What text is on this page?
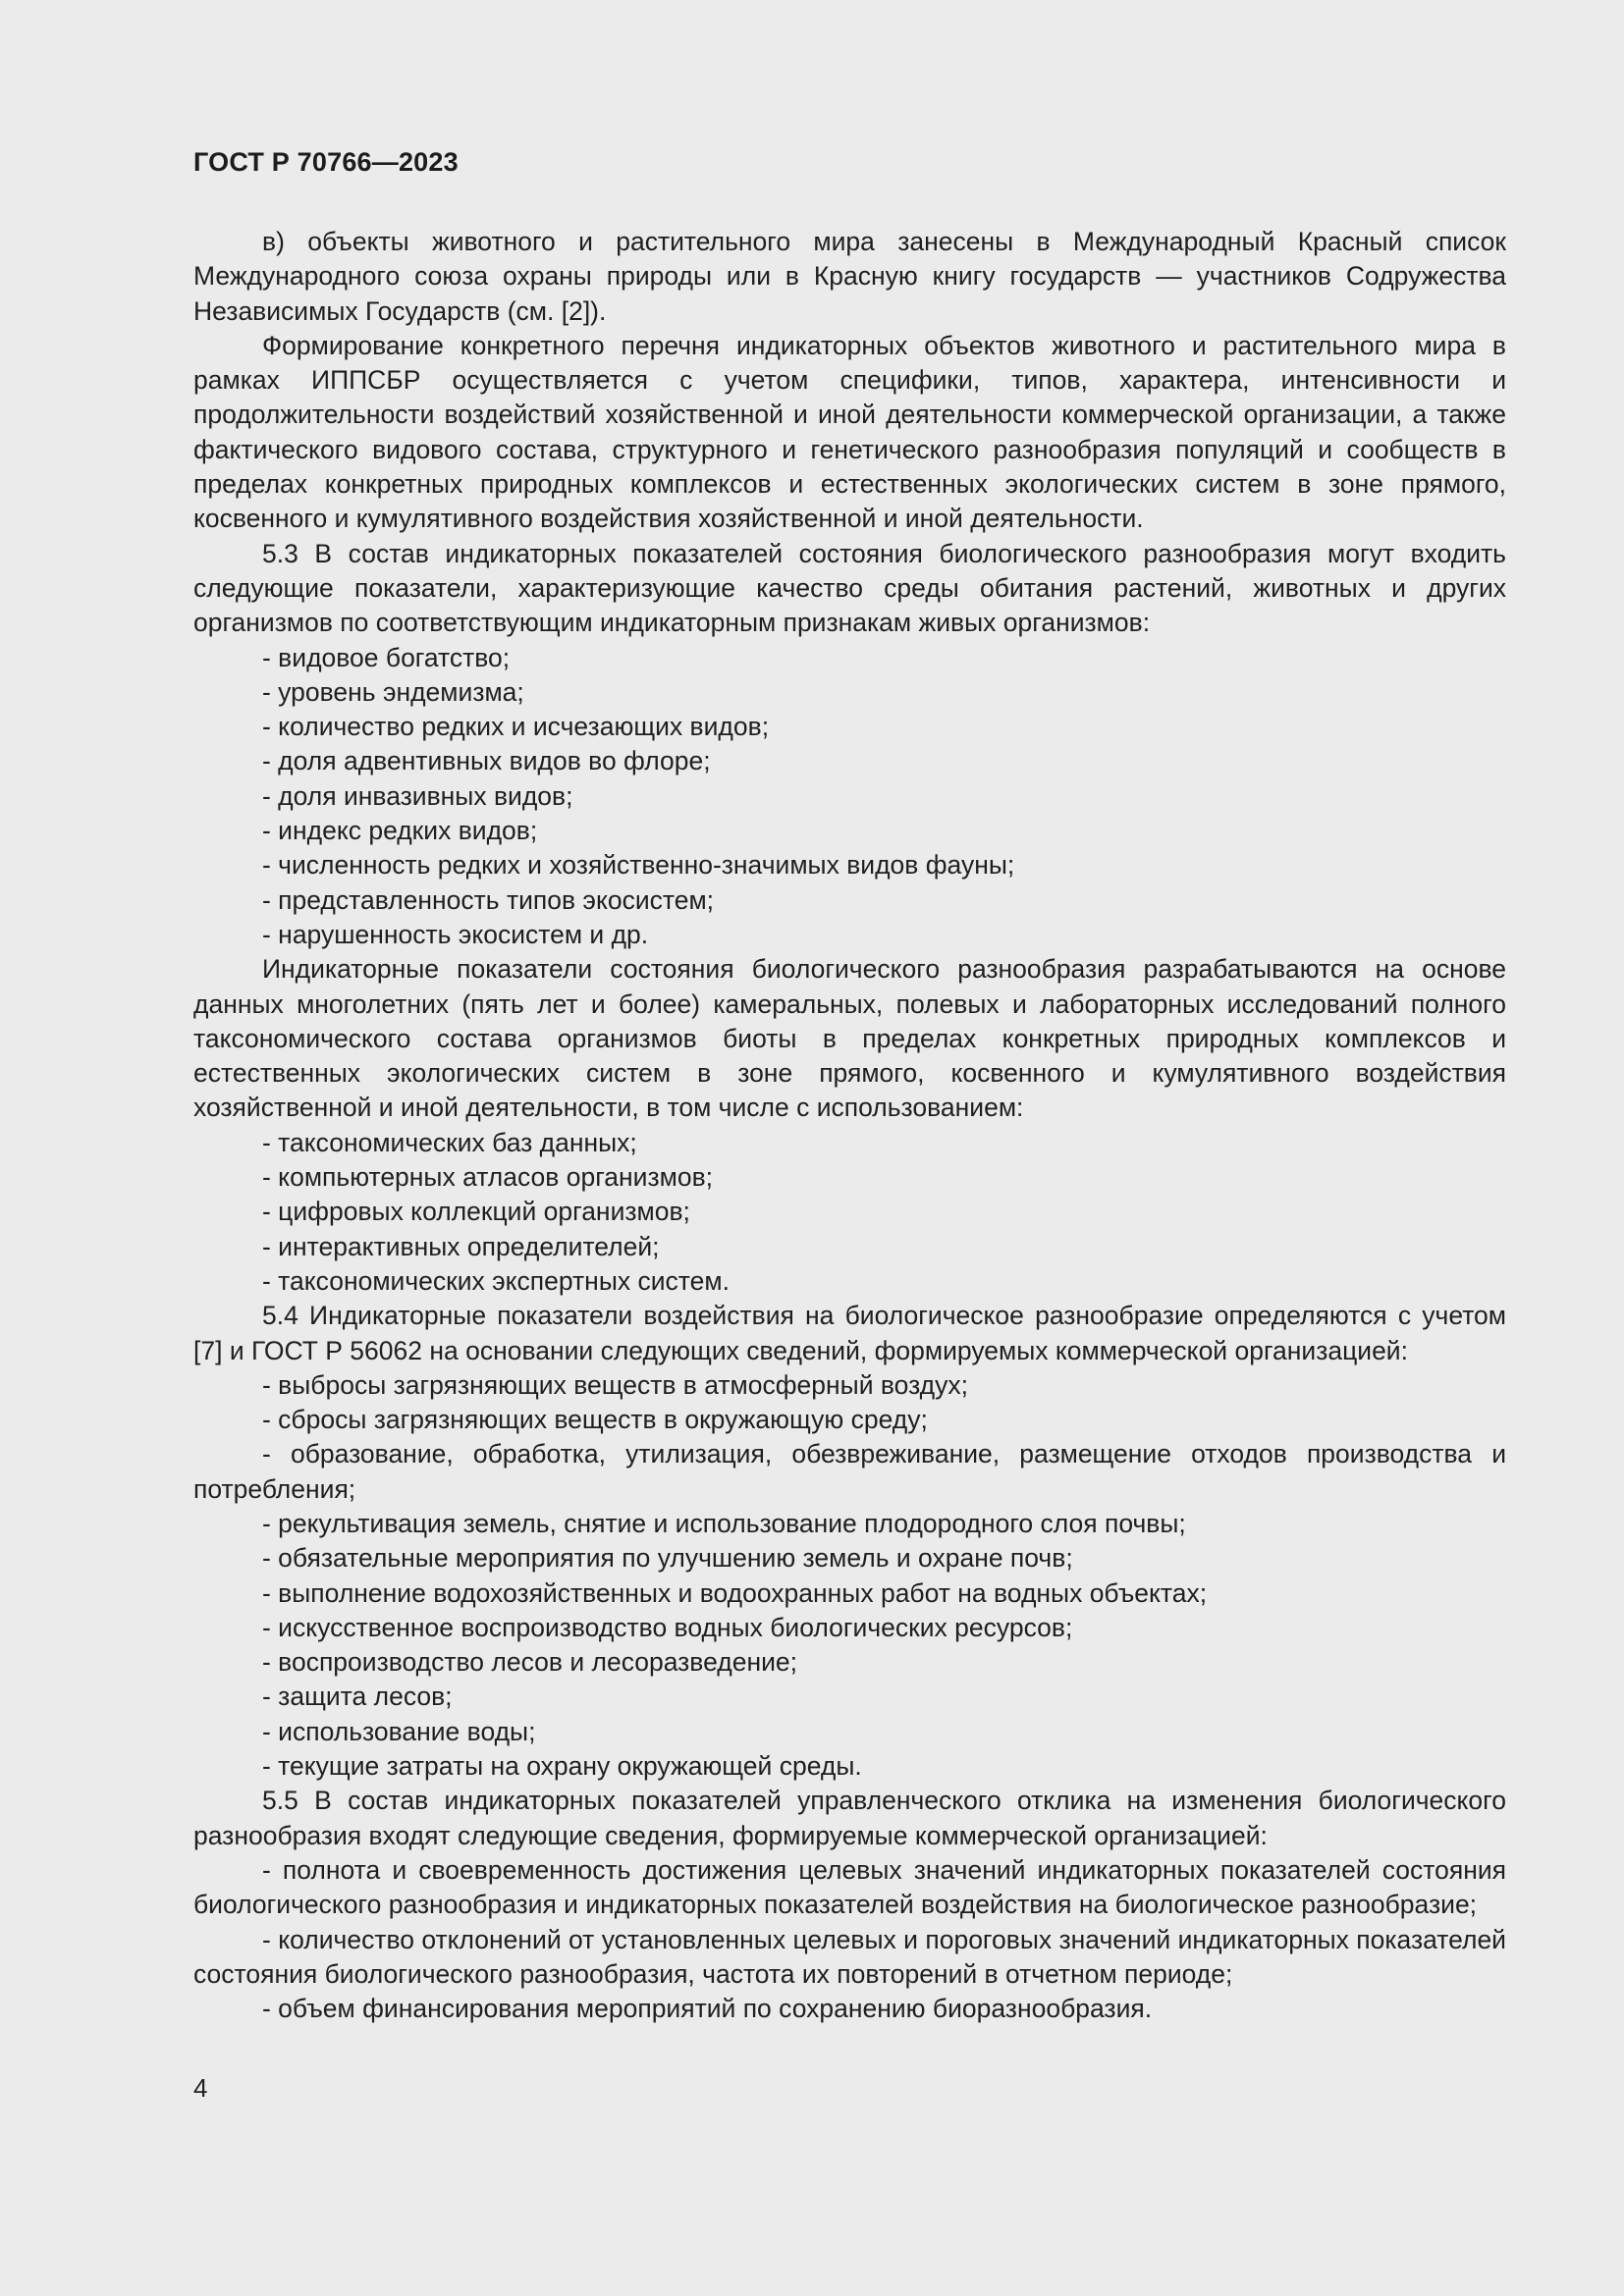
ГОСТ Р 70766—2023

в) объекты животного и растительного мира занесены в Международный Красный список Международного союза охраны природы или в Красную книгу государств — участников Содружества Независимых Государств (см. [2]).

Формирование конкретного перечня индикаторных объектов животного и растительного мира в рамках ИППСБР осуществляется с учетом специфики, типов, характера, интенсивности и продолжительности воздействий хозяйственной и иной деятельности коммерческой организации, а также фактического видового состава, структурного и генетического разнообразия популяций и сообществ в пределах конкретных природных комплексов и естественных экологических систем в зоне прямого, косвенного и кумулятивного воздействия хозяйственной и иной деятельности.

5.3 В состав индикаторных показателей состояния биологического разнообразия могут входить следующие показатели, характеризующие качество среды обитания растений, животных и других организмов по соответствующим индикаторным признакам живых организмов:

- видовое богатство;

- уровень эндемизма;

- количество редких и исчезающих видов;

- доля адвентивных видов во флоре;

- доля инвазивных видов;

- индекс редких видов;

- численность редких и хозяйственно-значимых видов фауны;

- представленность типов экосистем;

- нарушенность экосистем и др.

Индикаторные показатели состояния биологического разнообразия разрабатываются на основе данных многолетних (пять лет и более) камеральных, полевых и лабораторных исследований полного таксономического состава организмов биоты в пределах конкретных природных комплексов и естественных экологических систем в зоне прямого, косвенного и кумулятивного воздействия хозяйственной и иной деятельности, в том числе с использованием:

- таксономических баз данных;

- компьютерных атласов организмов;

- цифровых коллекций организмов;

- интерактивных определителей;

- таксономических экспертных систем.

5.4 Индикаторные показатели воздействия на биологическое разнообразие определяются с учетом [7] и ГОСТ Р 56062 на основании следующих сведений, формируемых коммерческой организацией:

- выбросы загрязняющих веществ в атмосферный воздух;

- сбросы загрязняющих веществ в окружающую среду;

- образование, обработка, утилизация, обезвреживание, размещение отходов производства и потребления;

- рекультивация земель, снятие и использование плодородного слоя почвы;

- обязательные мероприятия по улучшению земель и охране почв;

- выполнение водохозяйственных и водоохранных работ на водных объектах;

- искусственное воспроизводство водных биологических ресурсов;

- воспроизводство лесов и лесоразведение;

- защита лесов;

- использование воды;

- текущие затраты на охрану окружающей среды.

5.5 В состав индикаторных показателей управленческого отклика на изменения биологического разнообразия входят следующие сведения, формируемые коммерческой организацией:

- полнота и своевременность достижения целевых значений индикаторных показателей состояния биологического разнообразия и индикаторных показателей воздействия на биологическое разнообразие;

- количество отклонений от установленных целевых и пороговых значений индикаторных показателей состояния биологического разнообразия, частота их повторений в отчетном периоде;

- объем финансирования мероприятий по сохранению биоразнообразия.

4
